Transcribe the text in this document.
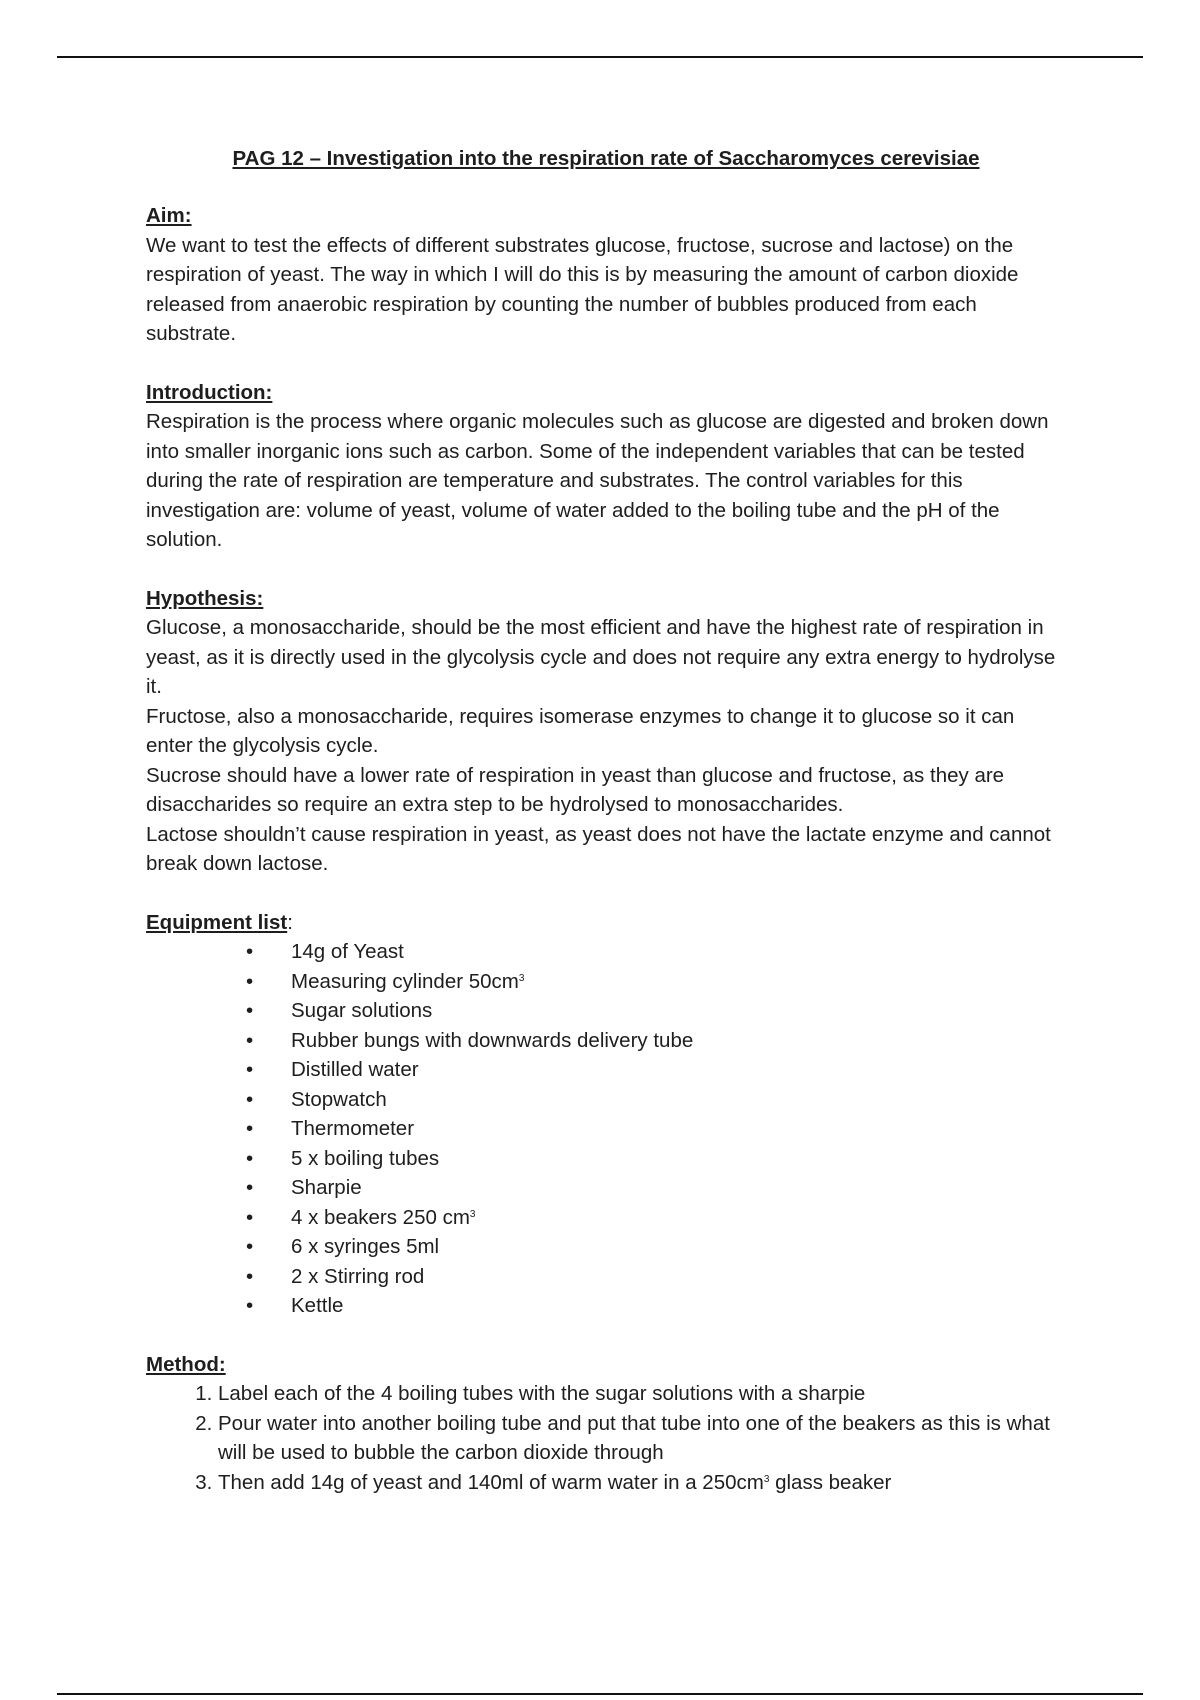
PAG 12 – Investigation into the respiration rate of Saccharomyces cerevisiae

Aim:

We want to test the effects of different substrates glucose, fructose, sucrose and lactose) on the respiration of yeast. The way in which I will do this is by measuring the amount of carbon dioxide released from anaerobic respiration by counting the number of bubbles produced from each substrate.

Introduction:

Respiration is the process where organic molecules such as glucose are digested and broken down into smaller inorganic ions such as carbon. Some of the independent variables that can be tested during the rate of respiration are temperature and substrates. The control variables for this investigation are: volume of yeast, volume of water added to the boiling tube and the pH of the solution.

Hypothesis:

Glucose, a monosaccharide, should be the most efficient and have the highest rate of respiration in yeast, as it is directly used in the glycolysis cycle and does not require any extra energy to hydrolyse it.

Fructose, also a monosaccharide, requires isomerase enzymes to change it to glucose so it can enter the glycolysis cycle.

Sucrose should have a lower rate of respiration in yeast than glucose and fructose, as they are disaccharides so require an extra step to be hydrolysed to monosaccharides.

Lactose shouldn’t cause respiration in yeast, as yeast does not have the lactate enzyme and cannot break down lactose.

Equipment list:

• 14g of Yeast
• Measuring cylinder $50cm^3$
• Sugar solutions
• Rubber bungs with downwards delivery tube
• Distilled water
• Stopwatch
• Thermometer
• 5 x boiling tubes
• Sharpie
• 4 x beakers 250 $cm^3$
• 6 x syringes 5ml
• 2 x Stirring rod
• Kettle

Method:

1. Label each of the 4 boiling tubes with the sugar solutions with a sharpie
2. Pour water into another boiling tube and put that tube into one of the beakers as this is what will be used to bubble the carbon dioxide through
3. Then add 14g of yeast and 140ml of warm water in a $250cm^3$ glass beaker
